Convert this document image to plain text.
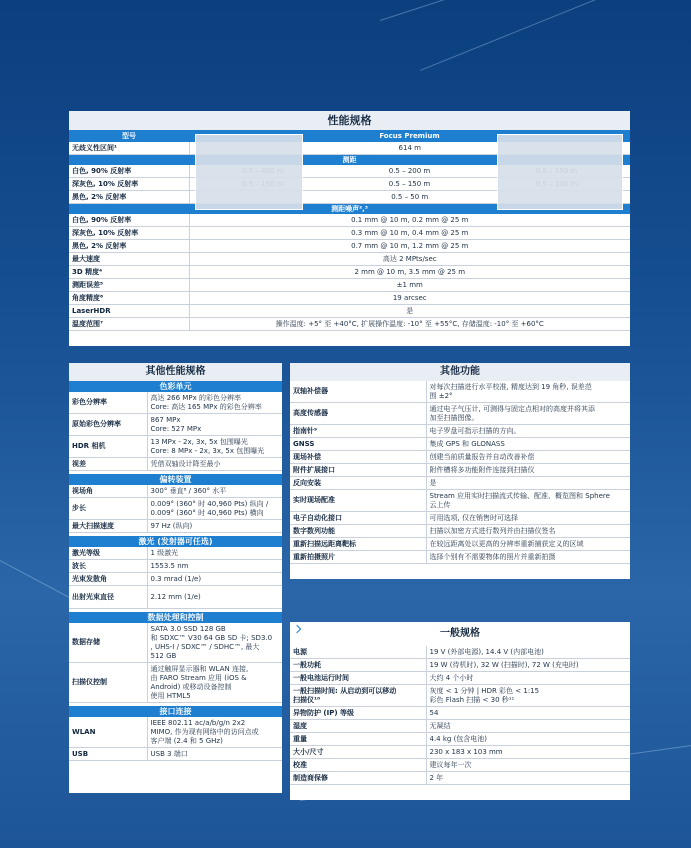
性能规格
型号		Focus Premium	
无歧义性区间¹	614 m		
测距			
白色, 90% 反射率		0.5 – 200 m	
深灰色, 10% 反射率		0.5 – 150 m	
黑色, 2% 反射率	0.5 – 50 m		
测距噪声²,³			
白色, 90% 反射率	0.1 mm @ 10 m, 0.2 mm @ 25 m		
深灰色, 10% 反射率	0.3 mm @ 10 m, 0.4 mm @ 25 m		
黑色, 2% 反射率	0.7 mm @ 10 m, 1.2 mm @ 25 m		
最大速度	高达 2 MPts/sec		
3D 精度⁴	2 mm @ 10 m, 3.5 mm @ 25 m		
测距误差⁵	±1 mm		
角度精度⁶	19 arcsec		
LaserHDR	是		
温度范围⁷	操作温度: +5° 至 +40°C, 扩展操作温度: -10° 至 +55°C, 存储温度: -10° 至 +60°C		
其他性能规格
色彩单元
彩色分辨率	高达 266 MPx 的彩色分辨率
Core: 高达 165 MPx 的彩色分辨率
原始彩色分辨率	867 MPx
Core: 527 MPx
HDR 相机	13 MPx - 2x, 3x, 5x 包围曝光
Core: 8 MPx - 2x, 3x, 5x 包围曝光
视差	凭借双轴设计降至最小
偏转装置
视场角	300° 垂直⁸ / 360° 水平
步长	0.009° (360° 时 40,960 Pts) 纵向 /
0.009° (360° 时 40,960 Pts) 横向
最大扫描速度	97 Hz (纵向)
激光 (发射器可任选)
激光等级	1 级激光
波长	1553.5 nm
光束发散角	0.3 mrad (1/e)
出射光束直径	2.12 mm (1/e)
数据处理和控制
数据存储	SATA 3.0 SSD 128 GB
和 SDXC™ V30 64 GB SD 卡; SD3.0
, UHS-I / SDXC™ / SDHC™, 最大
512 GB
扫描仪控制	通过触屏显示器和 WLAN 连接,
由 FARO Stream 应用 (iOS &
Android) 或移动设备控制
使用 HTML5
接口连接
WLAN	IEEE 802.11 ac/a/b/g/n 2x2
MIMO, 作为现有网络中的访问点或
客户端 (2.4 和 5 GHz)
USB	USB 3 端口
其他功能
双轴补偿器	对每次扫描进行水平校准, 精度达到 19 角秒, 误差范
围 ±2°
高度传感器	通过电子气压计, 可测得与固定点相对的高度并将其添
加至扫描图像。
指南针⁹	电子罗盘可指示扫描的方向。
GNSS	集成 GPS 和 GLONASS
现场补偿	创建当前质量报告并自动改善补偿
附件扩展接口	附件槽将多功能附件连接到扫描仪
反向安装	是
实时现场配准	Stream 应用实时扫描流式传输、配准、概览图和 Sphere
云上传
电子自动化接口	可用选项, 仅在销售时可选择
数字数列功能	扫描以加密方式进行数列并由扫描仪签名
重新扫描远距离靶标	在较远距离处以更高的分辨率重新捕获定义的区域
重新拍摄照片	选择个别有不需要物体的照片并重新拍摄
一般规格
电源	19 V (外部电源), 14.4 V (内部电池)
一般功耗	19 W (待机时), 32 W (扫描时), 72 W (充电时)
一般电池运行时间	大约 4 个小时
一般扫描时间: 从启动到可以移动
扫描仪¹⁰	灰度 < 1 分钟 | HDR 彩色 < 1:15
彩色 Flash 扫描 < 30 秒¹¹
异物防护 (IP) 等级	54
湿度	无凝结
重量	4.4 kg (包含电池)
大小/尺寸	230 x 183 x 103 mm
校准	建议每年一次
制造商保修	2 年
